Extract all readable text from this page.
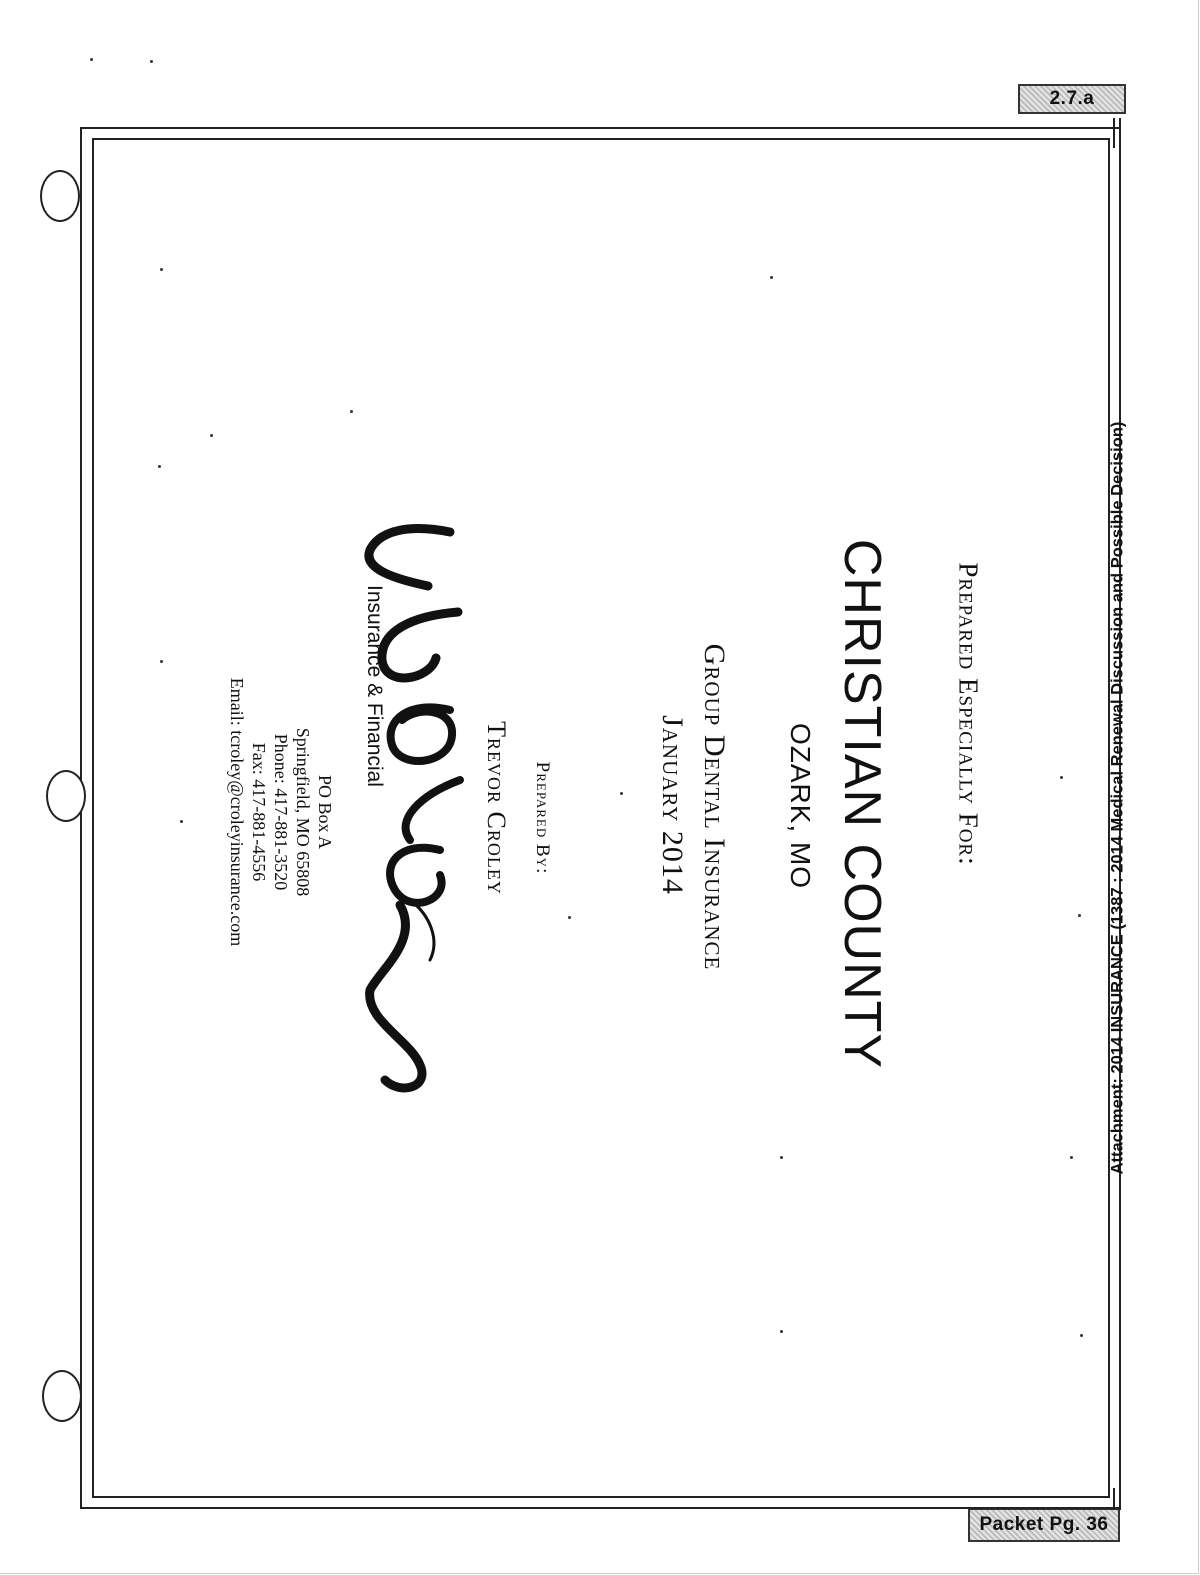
2.7.a
Packet Pg. 36
Attachment: 2014 INSURANCE (1387 : 2014 Medical Renewal Discussion and Possible Decision)
Prepared Especially For:
CHRISTIAN COUNTY
OZARK, MO
Group Dental Insurance
January 2014
Prepared By:
Trevor Croley
Insurance & Financial
PO Box A
Springfield, MO 65808
Phone: 417-881-3520
Fax: 417-881-4556
Email: tcroley@croleyinsurance.com
